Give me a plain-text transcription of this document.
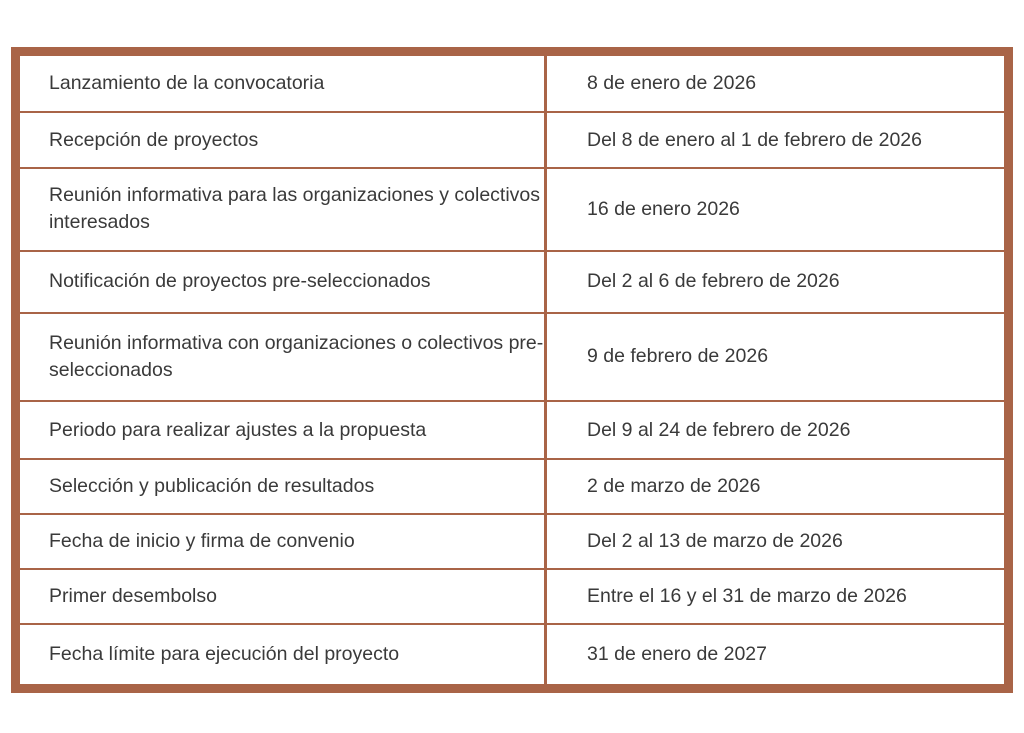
Lanzamiento de la convocatoria	8 de enero de 2026
Recepción de proyectos	Del 8 de enero al 1 de febrero de 2026
Reunión informativa para las organizaciones y colectivos interesados	16 de enero 2026
Notificación de proyectos pre-seleccionados	Del 2 al 6 de febrero de 2026
Reunión informativa con organizaciones o colectivos pre-seleccionados	9 de febrero de 2026
Periodo para realizar ajustes a la propuesta	Del 9 al 24 de febrero de 2026
Selección y publicación de resultados	2 de marzo de 2026
Fecha de inicio y firma de convenio	Del 2 al 13 de marzo de 2026
Primer desembolso	Entre el 16 y el 31 de marzo de 2026
Fecha límite para ejecución del proyecto	31 de enero de 2027
